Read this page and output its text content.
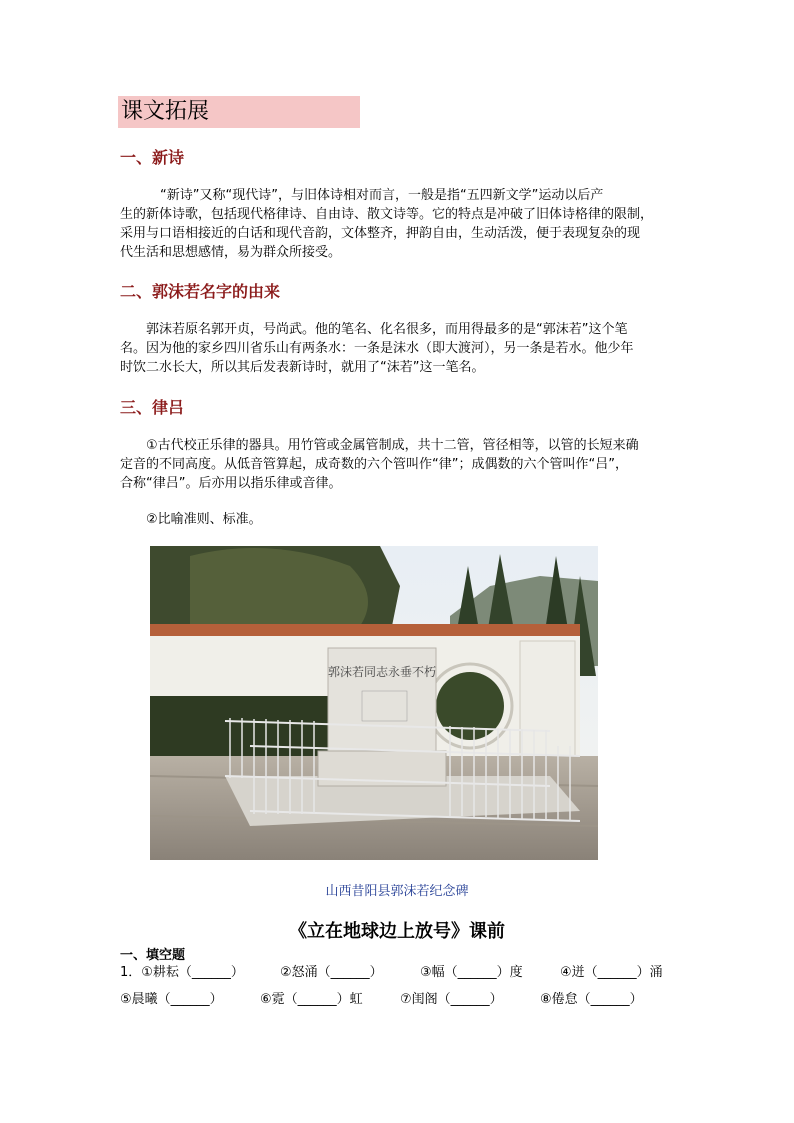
课文拓展
一、新诗
“新诗”又称“现代诗”，与旧体诗相对而言，一般是指“五四新文学”运动以后产
生的新体诗歌，包括现代格律诗、自由诗、散文诗等。它的特点是冲破了旧体诗格律的限制，
采用与口语相接近的白话和现代音韵，文体整齐，押韵自由，生动活泼，便于表现复杂的现
代生活和思想感情，易为群众所接受。
二、郭沫若名字的由来
郭沫若原名郭开贞，号尚武。他的笔名、化名很多，而用得最多的是“郭沫若”这个笔
名。因为他的家乡四川省乐山有两条水：一条是沫水（即大渡河），另一条是若水。他少年
时饮二水长大，所以其后发表新诗时，就用了“沫若”这一笔名。
三、律吕
①古代校正乐律的器具。用竹管或金属管制成，共十二管，管径相等，以管的长短来确
定音的不同高度。从低音管算起，成奇数的六个管叫作“律”；成偶数的六个管叫作“吕”，
合称“律吕”。后亦用以指乐律或音律。
②比喻准则、标准。
郭沫若同志永垂不朽
山西昔阳县郭沫若纪念碑
《立在地球边上放号》课前
一、填空题
1．①耕耘（______）	②怒涌（______）	③幅（______）度	④迸（______）涌
⑤晨曦（______）	⑥霓（______）虹	⑦闺阁（______）	⑧倦怠（______）
